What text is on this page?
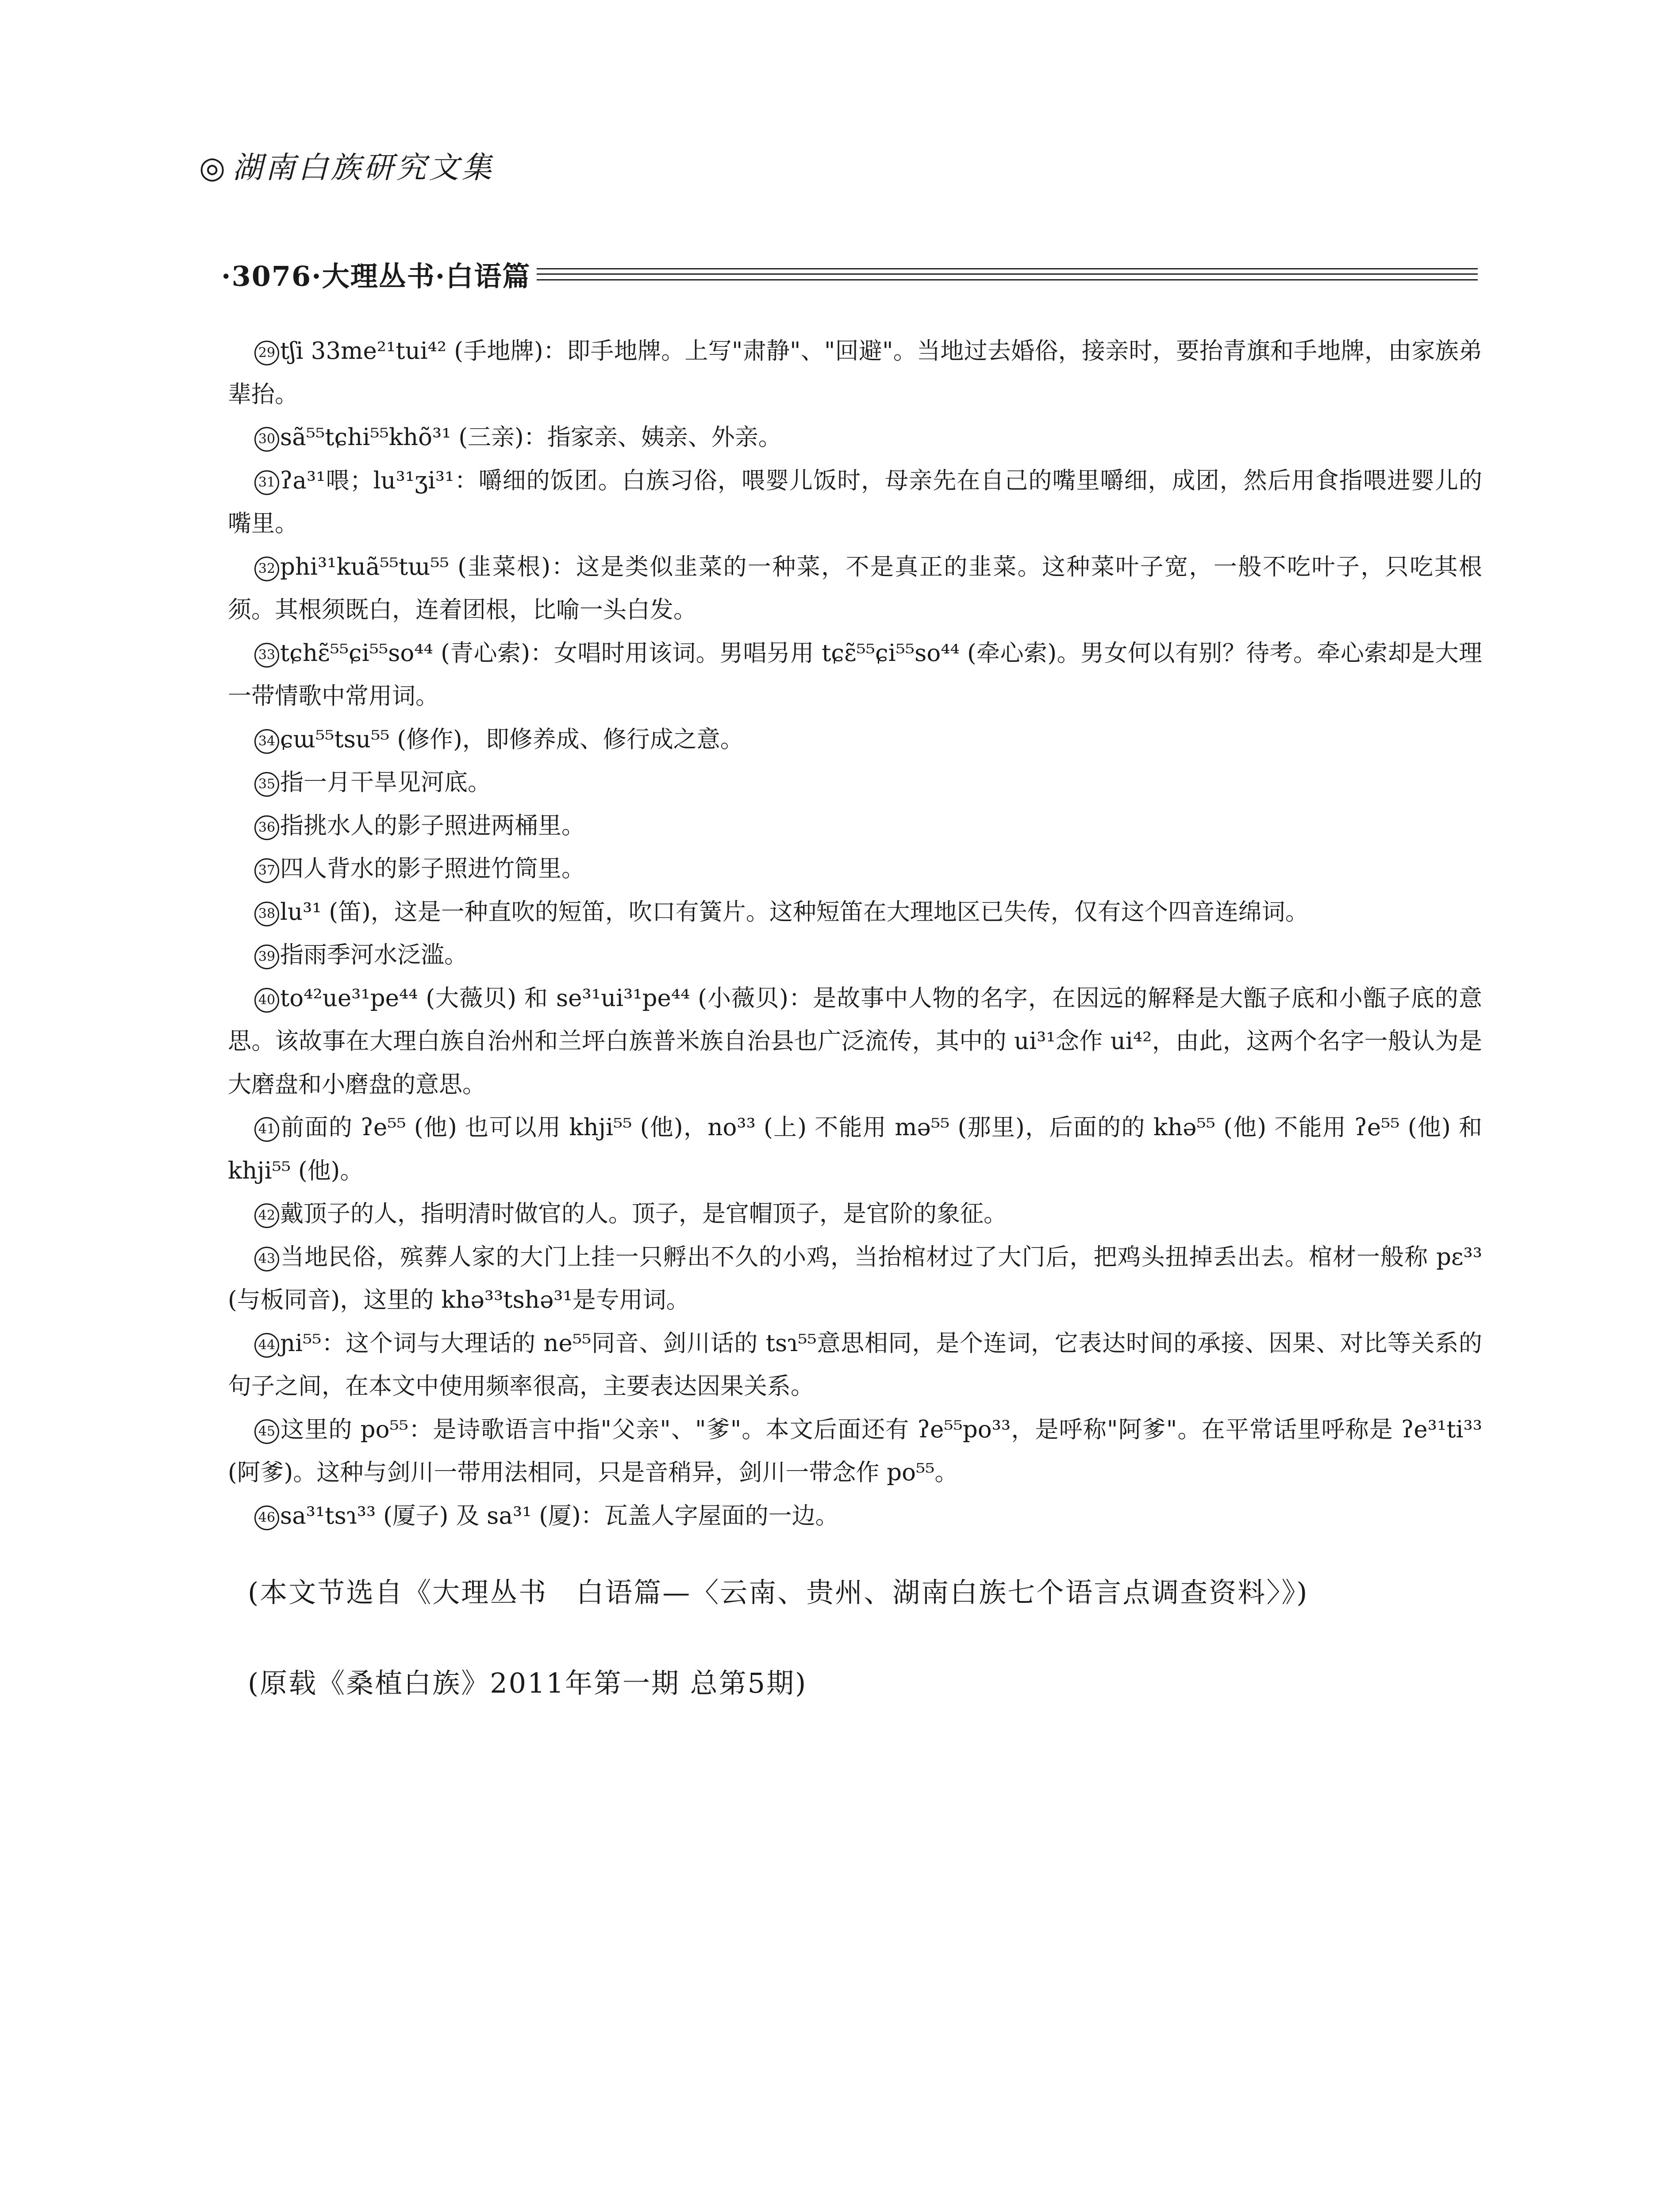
◎ 湖南白族研究文集
·3076·大理丛书·白语篇

29 tʃi 33me²¹tui⁴² (手地牌)：即手地牌。上写"肃静"、"回避"。当地过去婚俗，接亲时，要抬青旗和手地牌，由家族弟辈抬。

30 sã⁵⁵tɕhi⁵⁵khõ³¹ (三亲)：指家亲、姨亲、外亲。

31 ʔa³¹喂；lu³¹ʒi³¹：嚼细的饭团。白族习俗，喂婴儿饭时，母亲先在自己的嘴里嚼细，成团，然后用食指喂进婴儿的嘴里。

32 phi³¹kuã⁵⁵tɯ⁵⁵ (韭菜根)：这是类似韭菜的一种菜，不是真正的韭菜。这种菜叶子宽，一般不吃叶子，只吃其根须。其根须既白，连着团根，比喻一头白发。

33 tɕhɛ̃⁵⁵ɕi⁵⁵so⁴⁴ (青心索)：女唱时用该词。男唱另用 tɕɛ̃⁵⁵ɕi⁵⁵so⁴⁴ (牵心索)。男女何以有别？待考。牵心索却是大理一带情歌中常用词。

34 ɕɯ⁵⁵tsu⁵⁵ (修作)，即修养成、修行成之意。

35 指一月干旱见河底。

36 指挑水人的影子照进两桶里。

37 四人背水的影子照进竹筒里。

38 lu³¹ (笛)，这是一种直吹的短笛，吹口有簧片。这种短笛在大理地区已失传，仅有这个四音连绵词。

39 指雨季河水泛滥。

40 to⁴²ue³¹pe⁴⁴ (大薇贝) 和 se³¹ui³¹pe⁴⁴ (小薇贝)：是故事中人物的名字，在因远的解释是大甑子底和小甑子底的意思。该故事在大理白族自治州和兰坪白族普米族自治县也广泛流传，其中的 ui³¹念作 ui⁴²，由此，这两个名字一般认为是大磨盘和小磨盘的意思。

41 前面的 ʔe⁵⁵ (他) 也可以用 khji⁵⁵ (他)，no³³ (上) 不能用 mə⁵⁵ (那里)，后面的的 khə⁵⁵ (他) 不能用 ʔe⁵⁵ (他) 和 khji⁵⁵ (他)。

42 戴顶子的人，指明清时做官的人。顶子，是官帽顶子，是官阶的象征。

43 当地民俗，殡葬人家的大门上挂一只孵出不久的小鸡，当抬棺材过了大门后，把鸡头扭掉丢出去。棺材一般称 pɛ³³ (与板同音)，这里的 khə³³tshə³¹是专用词。

44 ɲi⁵⁵：这个词与大理话的 ne⁵⁵同音、剑川话的 tsɿ⁵⁵意思相同，是个连词，它表达时间的承接、因果、对比等关系的句子之间，在本文中使用频率很高，主要表达因果关系。

45 这里的 po⁵⁵：是诗歌语言中指"父亲"、"爹"。本文后面还有 ʔe⁵⁵po³³，是呼称"阿爹"。在平常话里呼称是 ʔe³¹ti³³ (阿爹)。这种与剑川一带用法相同，只是音稍异，剑川一带念作 po⁵⁵。

46 sa³¹tsɿ³³ (厦子) 及 sa³¹ (厦)：瓦盖人字屋面的一边。

(本文节选自《大理丛书　白语篇—〈云南、贵州、湖南白族七个语言点调查资料〉》)
(原载《桑植白族》2011年第一期 总第5期)
